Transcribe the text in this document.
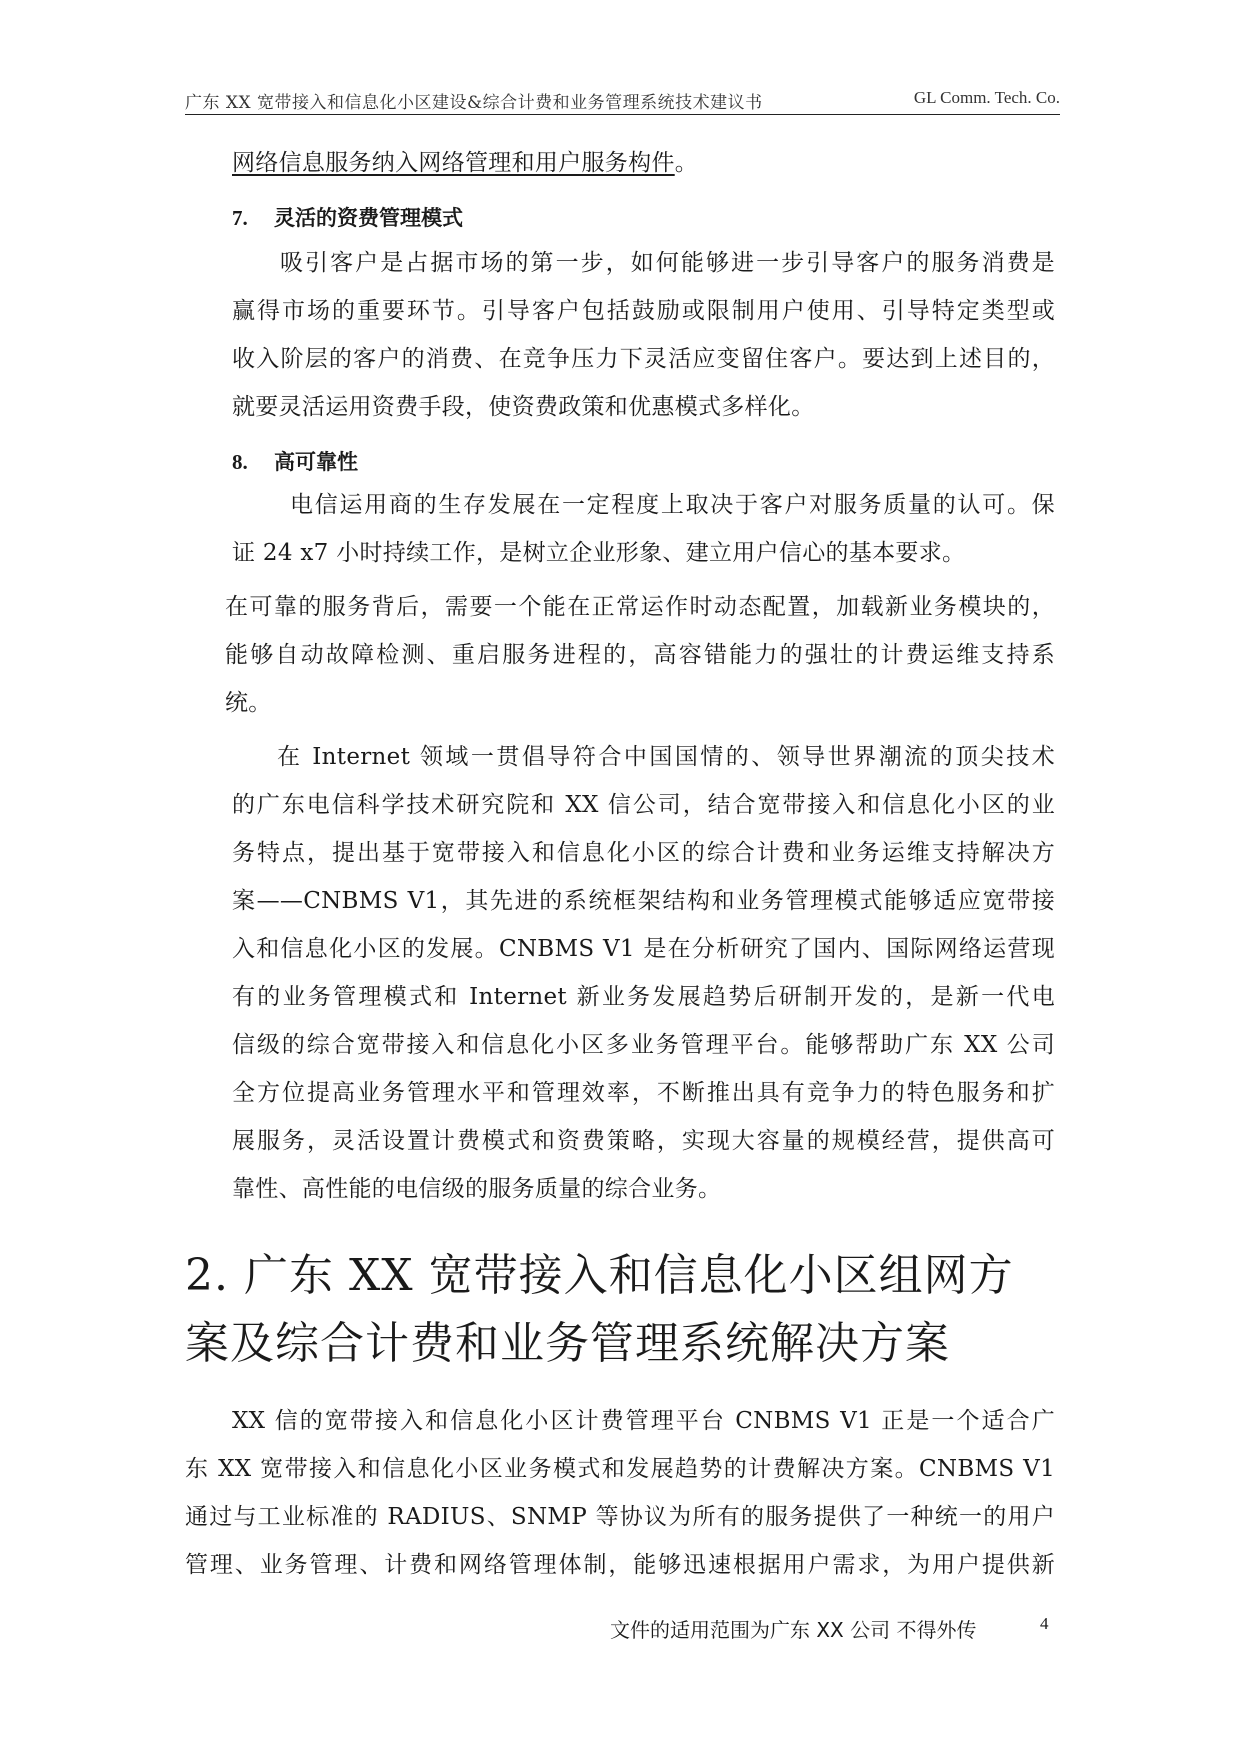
广东 XX 宽带接入和信息化小区建设&综合计费和业务管理系统技术建议书	GL Comm. Tech. Co.
网络信息服务纳入网络管理和用户服务构件。
7. 灵活的资费管理模式
吸引客户是占据市场的第一步，如何能够进一步引导客户的服务消费是
赢得市场的重要环节。引导客户包括鼓励或限制用户使用、引导特定类型或
收入阶层的客户的消费、在竞争压力下灵活应变留住客户。要达到上述目的，
就要灵活运用资费手段，使资费政策和优惠模式多样化。
8. 高可靠性
电信运用商的生存发展在一定程度上取决于客户对服务质量的认可。保
证 24 x7 小时持续工作，是树立企业形象、建立用户信心的基本要求。
在可靠的服务背后，需要一个能在正常运作时动态配置，加载新业务模块的，
能够自动故障检测、重启服务进程的，高容错能力的强壮的计费运维支持系
统。
在 Internet 领域一贯倡导符合中国国情的、领导世界潮流的顶尖技术
的广东电信科学技术研究院和 XX 信公司，结合宽带接入和信息化小区的业
务特点，提出基于宽带接入和信息化小区的综合计费和业务运维支持解决方
案——CNBMS V1，其先进的系统框架结构和业务管理模式能够适应宽带接
入和信息化小区的发展。CNBMS V1 是在分析研究了国内、国际网络运营现
有的业务管理模式和 Internet 新业务发展趋势后研制开发的，是新一代电
信级的综合宽带接入和信息化小区多业务管理平台。能够帮助广东 XX 公司
全方位提高业务管理水平和管理效率，不断推出具有竞争力的特色服务和扩
展服务，灵活设置计费模式和资费策略，实现大容量的规模经营，提供高可
靠性、高性能的电信级的服务质量的综合业务。
2. 广东 XX 宽带接入和信息化小区组网方
案及综合计费和业务管理系统解决方案
XX 信的宽带接入和信息化小区计费管理平台 CNBMS V1 正是一个适合广
东 XX 宽带接入和信息化小区业务模式和发展趋势的计费解决方案。CNBMS V1
通过与工业标准的 RADIUS、SNMP 等协议为所有的服务提供了一种统一的用户
管理、业务管理、计费和网络管理体制，能够迅速根据用户需求，为用户提供新
文件的适用范围为广东 XX 公司 不得外传	4
